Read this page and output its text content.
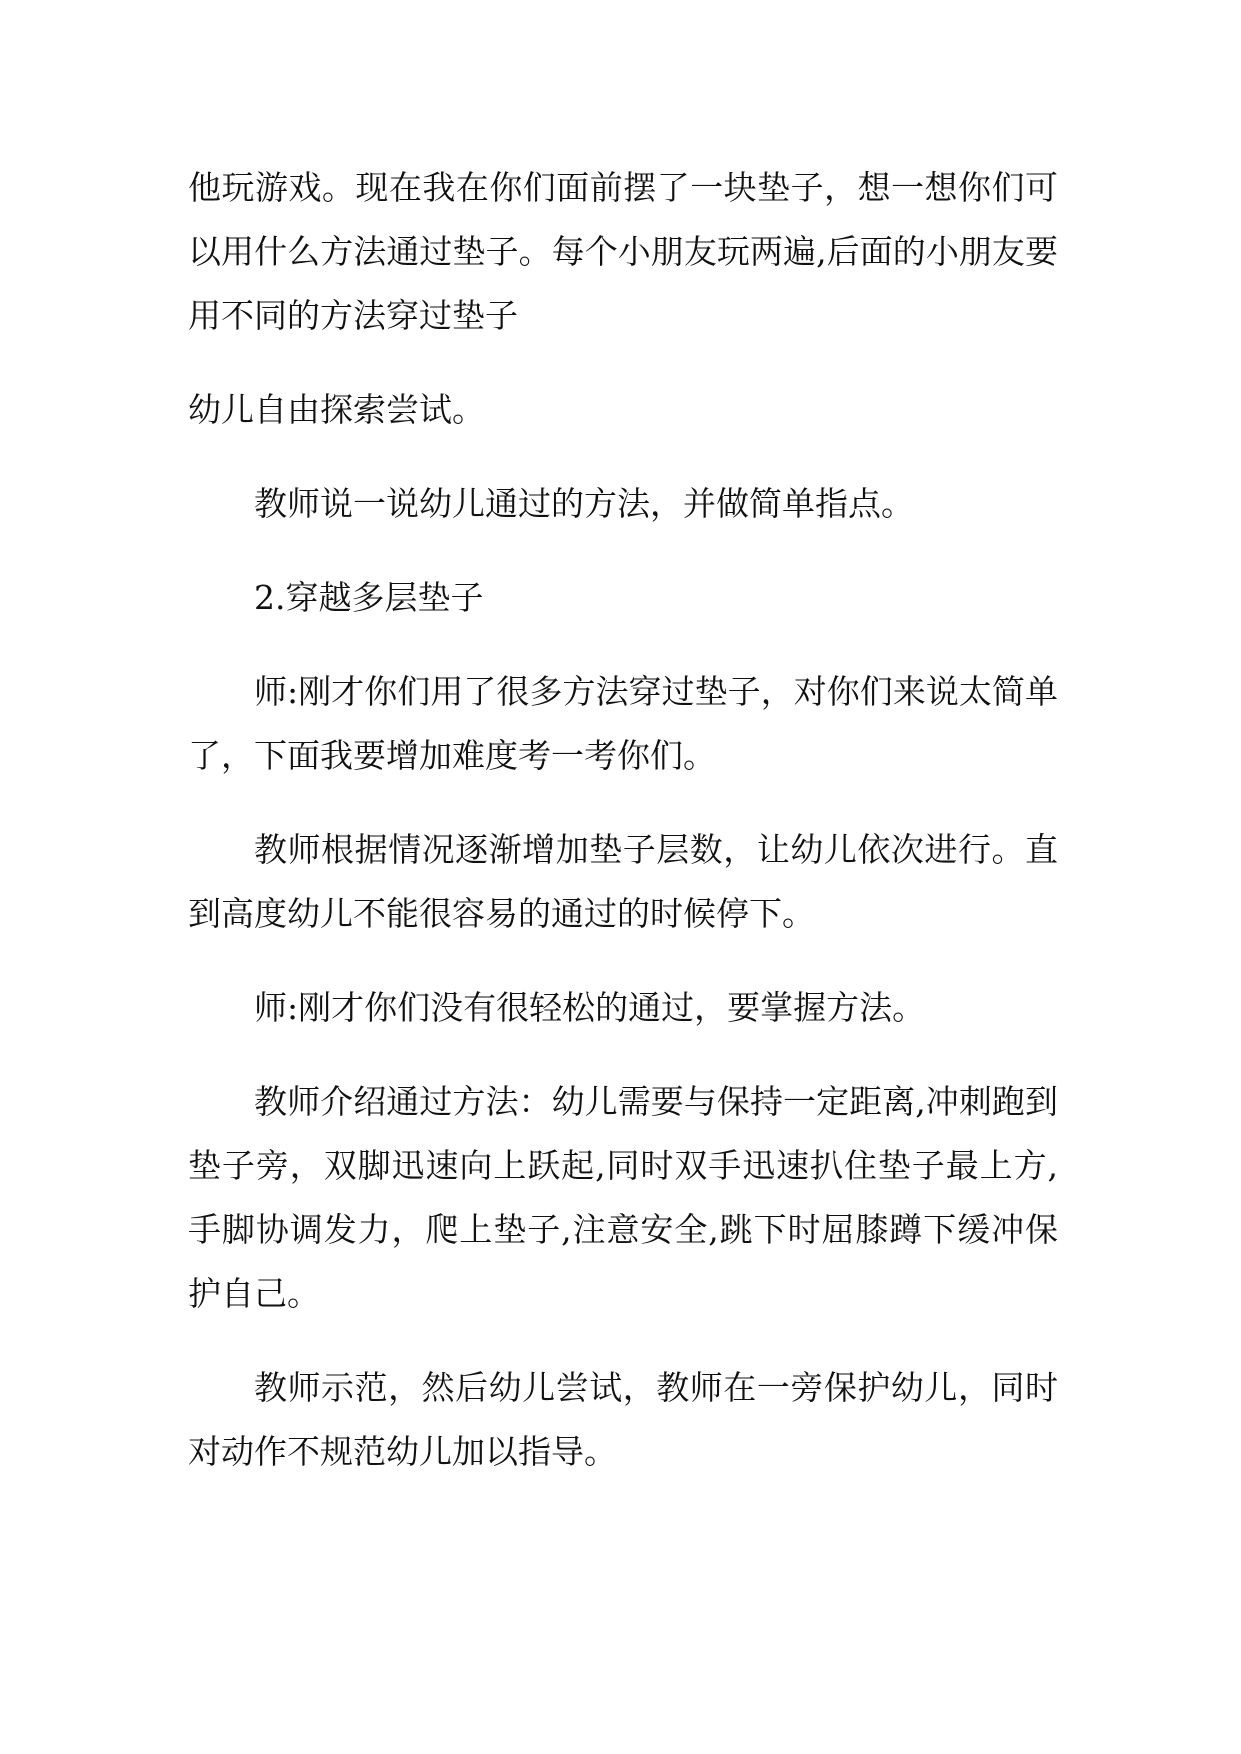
他玩游戏。现在我在你们面前摆了一块垫子，想一想你们可以用什么方法通过垫子。每个小朋友玩两遍,后面的小朋友要用不同的方法穿过垫子

幼儿自由探索尝试。

教师说一说幼儿通过的方法，并做简单指点。

2.穿越多层垫子

师:刚才你们用了很多方法穿过垫子，对你们来说太简单了，下面我要增加难度考一考你们。

教师根据情况逐渐增加垫子层数，让幼儿依次进行。直到高度幼儿不能很容易的通过的时候停下。

师:刚才你们没有很轻松的通过，要掌握方法。

教师介绍通过方法：幼儿需要与保持一定距离,冲刺跑到垫子旁，双脚迅速向上跃起,同时双手迅速扒住垫子最上方,手脚协调发力，爬上垫子,注意安全,跳下时屈膝蹲下缓冲保护自己。

教师示范，然后幼儿尝试，教师在一旁保护幼儿，同时对动作不规范幼儿加以指导。
